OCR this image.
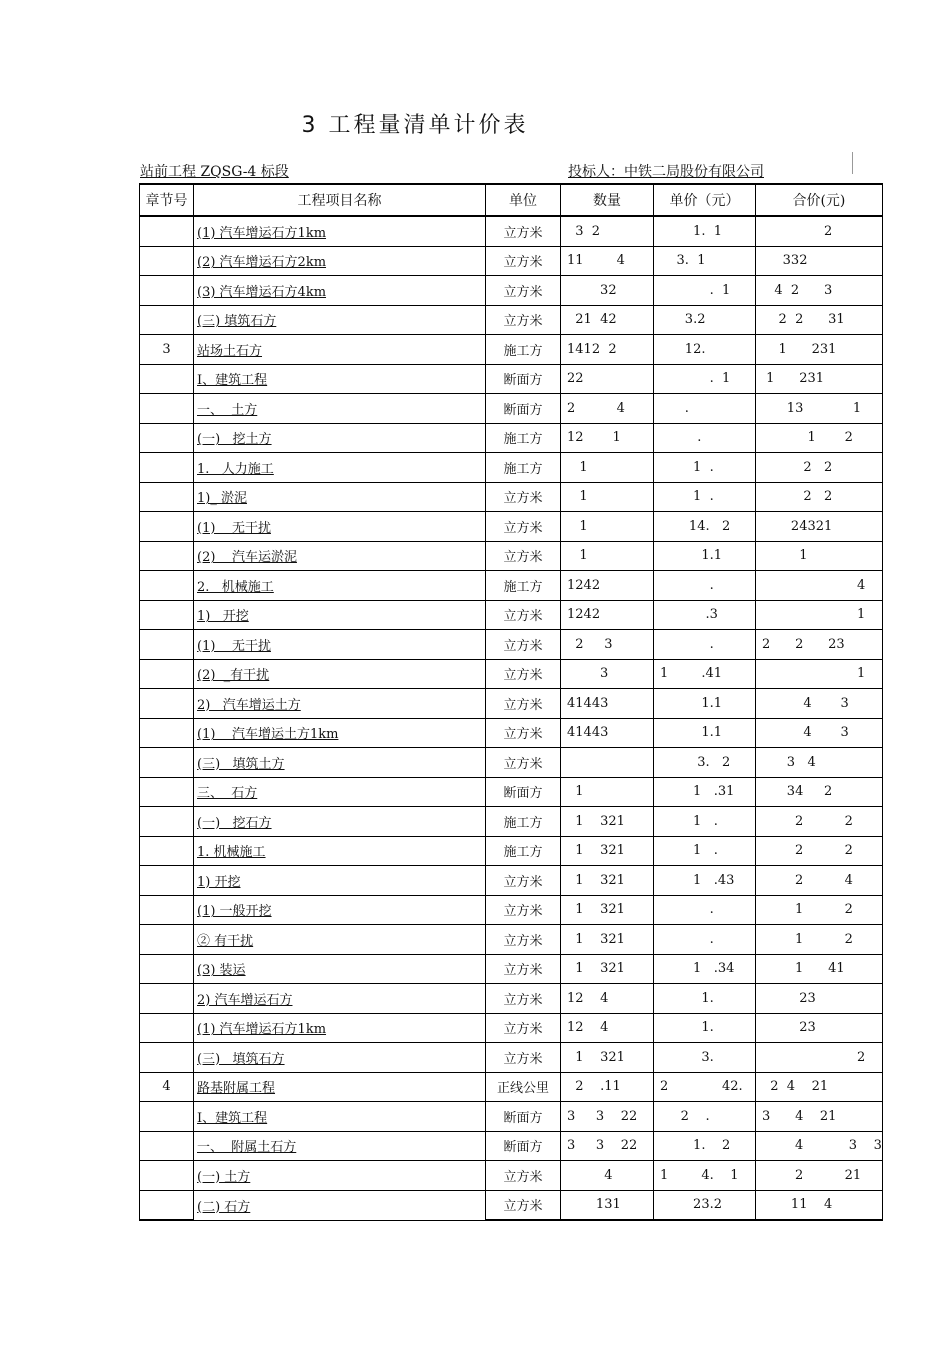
3 工程量清单计价表
站前工程 ZQSG-4 标段	投标人：中铁二局股份有限公司
章节号	工程项目名称	单位	数量	单价（元）	合价(元)
	(1) 汽车增运石方1km	立方米	3  2	1.  1	2
	(2) 汽车增运石方2km	立方米	11        4	3.  1	332
	(3) 汽车增运石方4km	立方米	32	.  1	4  2      3
	(三) 填筑石方	立方米	21  42	3.2	2  2      31
3	站场土石方	施工方	1412  2	12.	1      231
	Ⅰ、建筑工程	断面方	22	.  1	1      231
	一、  土方	断面方	2          4	.	13            1
	(一)   挖土方	施工方	12       1	.	1       2
	1.   人力施工	施工方	1	1  .	2   2
	1)_ 淤泥	立方米	1	1  .	2   2
	(1)    无干扰	立方米	1	14.   2	24321
	(2)    汽车运淤泥	立方米	1	1.1	1
	2.   机械施工	施工方	1242	.	4
	1)   开挖	立方米	1242	.3	1
	(1)    无干扰	立方米	2     3	.	2      2      23
	(2)  _有干扰	立方米	3	1        .41	1
	2)   汽车增运土方	立方米	41443	1.1	4       3
	(1)    汽车增运土方1km	立方米	41443	1.1	4       3
	(三)   填筑土方	立方米		3.   2	3   4
	三、  石方	断面方	1	1   .31	34     2
	(一)   挖石方	施工方	1    321	1   .	2          2
	1. 机械施工	施工方	1    321	1   .	2          2
	1) 开挖	立方米	1    321	1   .43	2          4
	(1) 一般开挖	立方米	1    321	.	1          2
	② 有干扰	立方米	1    321	.	1          2
	(3) 装运	立方米	1    321	1   .34	1      41
	2) 汽车增运石方	立方米	12    4	1.	23
	(1) 汽车增运石方1km	立方米	12    4	1.	23
	(三)   填筑石方	立方米	1    321	3.	2
4	路基附属工程	正线公里	2    .11	2             42.	2  4    21
	Ⅰ、建筑工程	断面方	3     3    22	2    .	3      4    21
	一、  附属土石方	断面方	3     3    22	1.    2	4           3    3
	(一) 土方	立方米	4	1        4.    1	2          21
	(二) 石方	立方米	131	23.2	11    4
